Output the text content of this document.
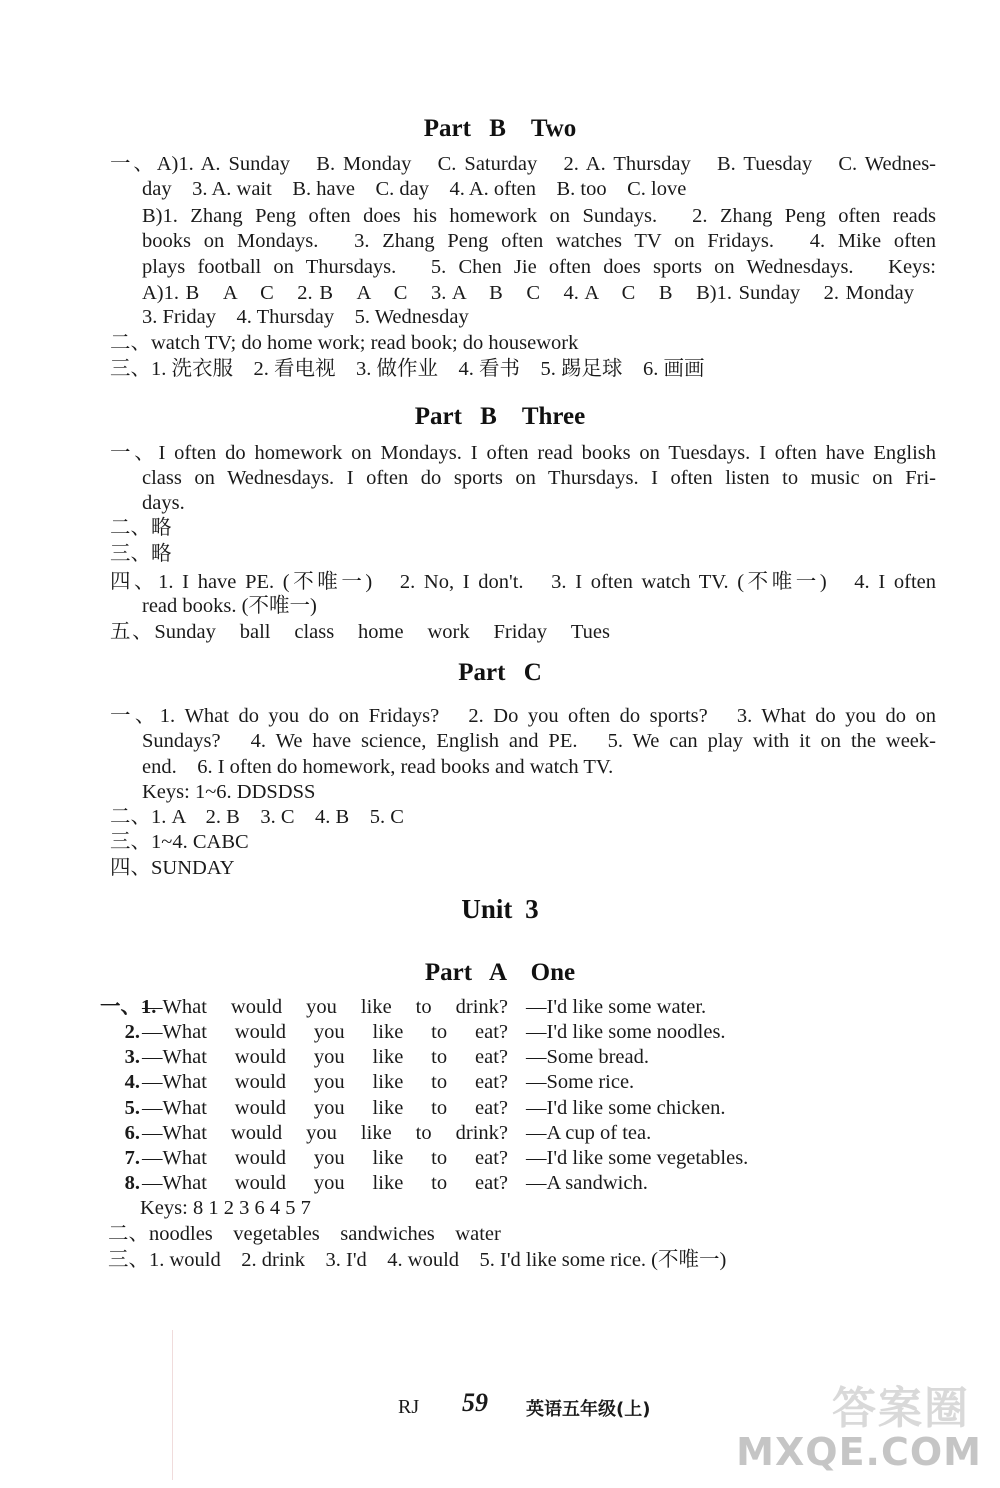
Part B　Two
一、A)1. A. Sunday　B. Monday　C. Saturday　2. A. Thursday　B. Tuesday　C. Wednes-
day　3. A. wait　B. have　C. day　4. A. often　B. too　C. love
B)1. Zhang Peng often does his homework on Sundays.　2. Zhang Peng often reads
books on Mondays.　3. Zhang Peng often watches TV on Fridays.　4. Mike often
plays football on Thursdays.　5. Chen Jie often does sports on Wednesdays.　Keys:
A)1. B　A　C　2. B　A　C　3. A　B　C　4. A　C　B　B)1. Sunday　2. Monday
3. Friday　4. Thursday　5. Wednesday
二、watch TV; do home work; read book; do housework
三、1. 洗衣服　2. 看电视　3. 做作业　4. 看书　5. 踢足球　6. 画画
Part B　Three
一、I often do homework on Mondays. I often read books on Tuesdays. I often have English
class on Wednesdays. I often do sports on Thursdays. I often listen to music on Fri-
days.
二、略
三、略
四、1. I have PE. (不唯一)　2. No, I don't.　3. I often watch TV. (不唯一)　4. I often
read books. (不唯一)
五、Sunday　ball　class　home　work　Friday　Tues
Part C
一、1. What do you do on Fridays?　2. Do you often do sports?　3. What do you do on
Sundays?　4. We have science, English and PE.　5. We can play with it on the week-
end.　6. I often do homework, read books and watch TV.
Keys: 1~6. DDSDSS
二、1. A　2. B　3. C　4. B　5. C
三、1~4. CABC
四、SUNDAY
Unit 3
Part A　One
一、1.
—What would you like to drink? —I'd like some water.
2. —What would you like to eat? —I'd like some noodles.
3. —What would you like to eat? —Some bread.
4. —What would you like to eat? —Some rice.
5. —What would you like to eat? —I'd like some chicken.
6. —What would you like to drink? —A cup of tea.
7. —What would you like to eat? —I'd like some vegetables.
8. —What would you like to eat? —A sandwich.
Keys: 8 1 2 3 6 4 5 7
二、noodles　vegetables　sandwiches　water
三、1. would　2. drink　3. I'd　4. would　5. I'd like some rice. (不唯一)
RJ 59 英语五年级(上)	答案圈
MXQE.COM
